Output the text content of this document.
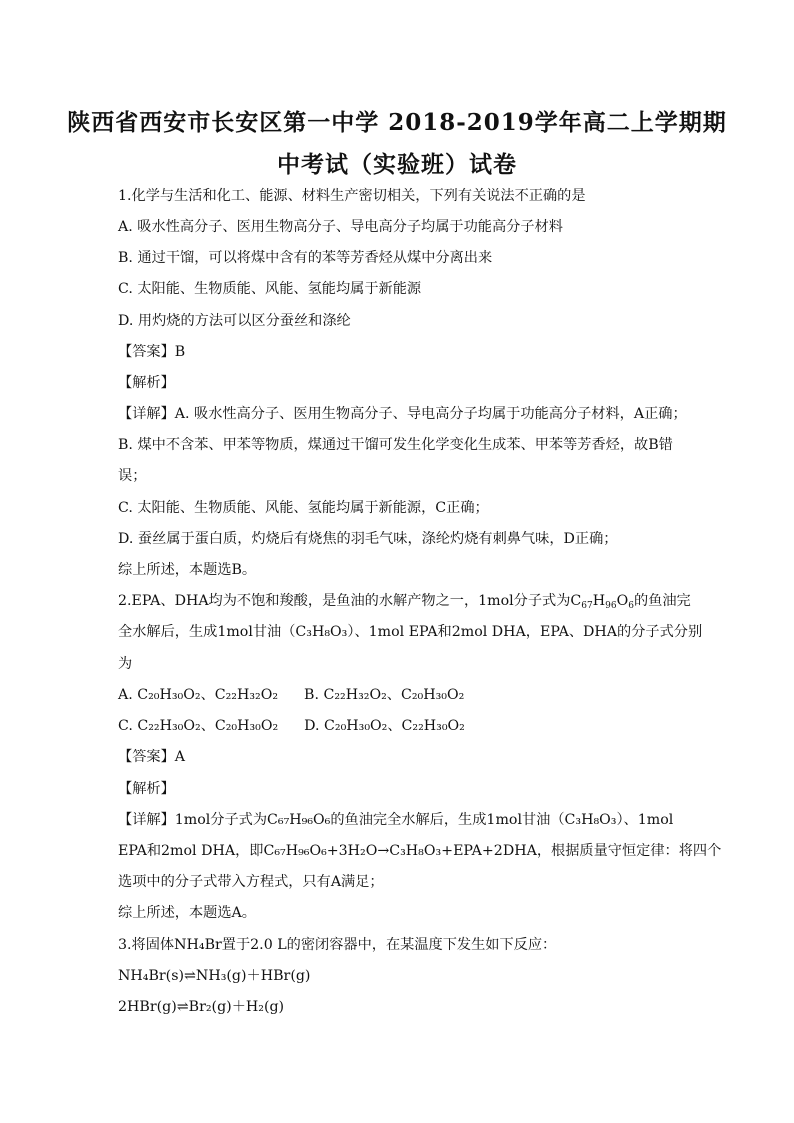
陕西省西安市长安区第一中学 2018-2019学年高二上学期期
中考试（实验班）试卷
1.化学与生活和化工、能源、材料生产密切相关，下列有关说法不正确的是
A. 吸水性高分子、医用生物高分子、导电高分子均属于功能高分子材料
B. 通过干馏，可以将煤中含有的苯等芳香烃从煤中分离出来
C. 太阳能、生物质能、风能、氢能均属于新能源
D. 用灼烧的方法可以区分蚕丝和涤纶
【答案】B
【解析】
【详解】A. 吸水性高分子、医用生物高分子、导电高分子均属于功能高分子材料，A正确；
B. 煤中不含苯、甲苯等物质，煤通过干馏可发生化学变化生成苯、甲苯等芳香烃，故B错
误；
C. 太阳能、生物质能、风能、氢能均属于新能源，C正确；
D. 蚕丝属于蛋白质，灼烧后有烧焦的羽毛气味，涤纶灼烧有刺鼻气味，D正确；
综上所述，本题选B。
2.EPA、DHA均为不饱和羧酸，是鱼油的水解产物之一，1mol分子式为$C_{67}H_{96}O_6$的鱼油完
全水解后，生成1mol甘油（C₃H₈O₃）、1mol EPA和2mol DHA，EPA、DHA的分子式分别
为
A. C₂₀H₃₀O₂、C₂₂H₃₂O₂ B. C₂₂H₃₂O₂、C₂₀H₃₀O₂
C. C₂₂H₃₀O₂、C₂₀H₃₀O₂ D. C₂₀H₃₀O₂、C₂₂H₃₀O₂
【答案】A
【解析】
【详解】1mol分子式为C₆₇H₉₆O₆的鱼油完全水解后，生成1mol甘油（C₃H₈O₃）、1mol
EPA和2mol DHA，即C₆₇H₉₆O₆+3H₂O→C₃H₈O₃+EPA+2DHA，根据质量守恒定律：将四个
选项中的分子式带入方程式，只有A满足；
综上所述，本题选A。
3.将固体NH₄Br置于2.0 L的密闭容器中，在某温度下发生如下反应：
NH₄Br(s)⇌NH₃(g)＋HBr(g)
2HBr(g)⇌Br₂(g)＋H₂(g)
